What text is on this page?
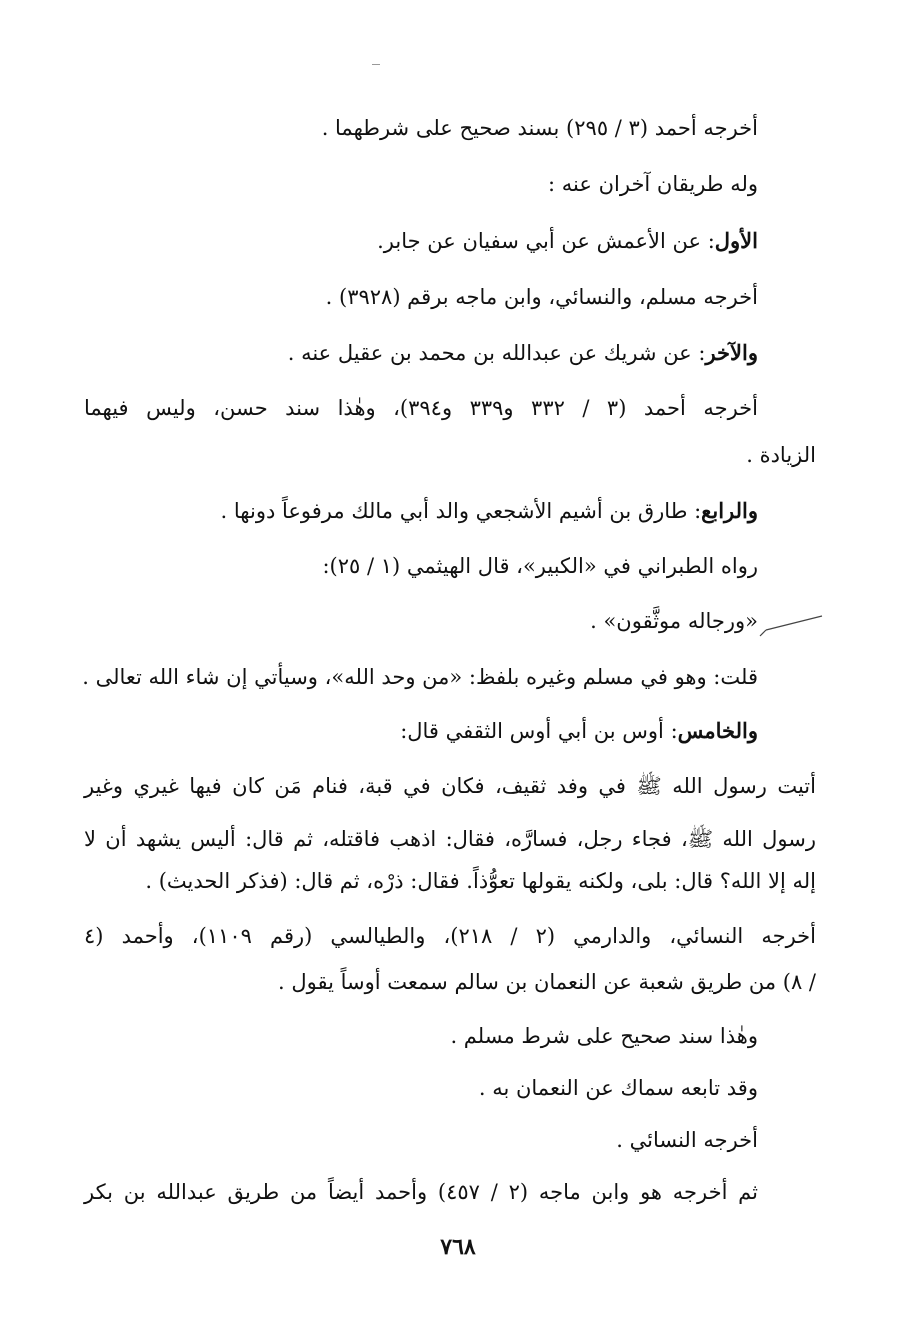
أخرجه أحمد (٣ / ٢٩٥) بسند صحيح على شرطهما .
وله طريقان آخران عنه :
الأول: عن الأعمش عن أبي سفيان عن جابر.
أخرجه مسلم، والنسائي، وابن ماجه برقم (٣٩٢٨) .
والآخر: عن شريك عن عبدالله بن محمد بن عقيل عنه .
أخرجه أحمد (٣ / ٣٣٢ و٣٣٩ و٣٩٤)، وهٰذا سند حسن، وليس فيهما
الزيادة .
والرابع: طارق بن أشيم الأشجعي والد أبي مالك مرفوعاً دونها .
رواه الطبراني في «الكبير»، قال الهيثمي (١ / ٢٥):
«ورجاله موثَّقون» .
قلت: وهو في مسلم وغيره بلفظ: «من وحد الله»، وسيأتي إن شاء الله تعالى .
والخامس: أوس بن أبي أوس الثقفي قال:
أتيت رسول الله ﷺ في وفد ثقيف، فكان في قبة، فنام مَن كان فيها غيري وغير
رسول الله ﷺ، فجاء رجل، فسارَّه، فقال: اذهب فاقتله، ثم قال: أليس يشهد أن لا
إله إلا الله؟ قال: بلى، ولكنه يقولها تعوُّذاً. فقال: ذرْه، ثم قال: (فذكر الحديث) .
أخرجه النسائي، والدارمي (٢ / ٢١٨)، والطيالسي (رقم ١١٠٩)، وأحمد (٤
/ ٨) من طريق شعبة عن النعمان بن سالم سمعت أوساً يقول .
وهٰذا سند صحيح على شرط مسلم .
وقد تابعه سماك عن النعمان به .
أخرجه النسائي .
ثم أخرجه هو وابن ماجه (٢ / ٤٥٧) وأحمد أيضاً من طريق عبدالله بن بكر
٧٦٨
